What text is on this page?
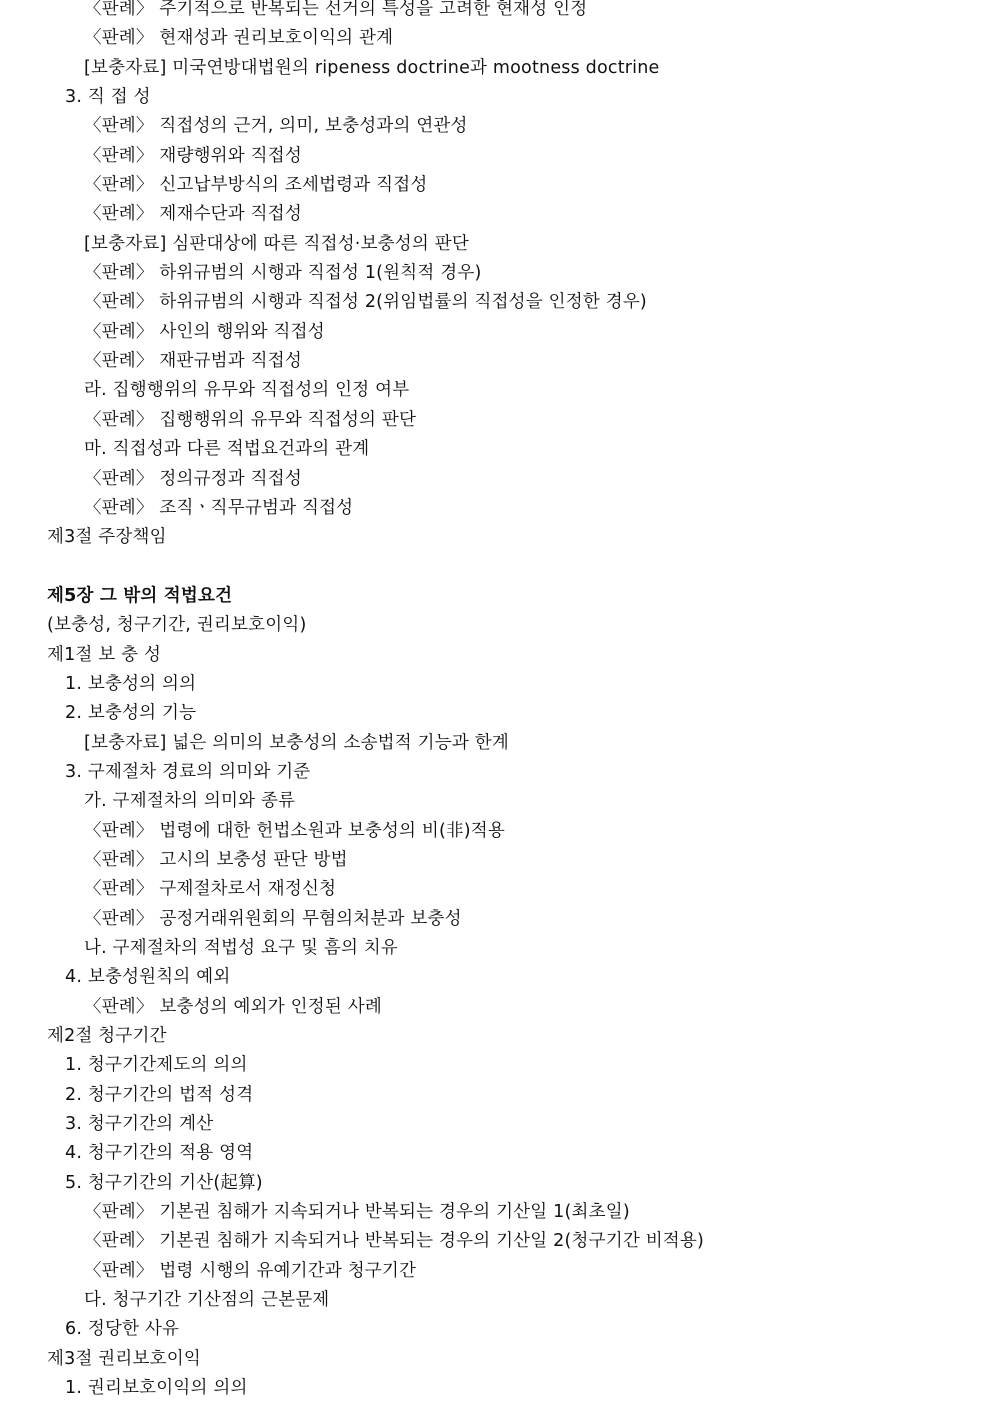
〈판례〉 주기적으로 반복되는 선거의 특성을 고려한 현재성 인정
〈판례〉 현재성과 권리보호이익의 관계
[보충자료] 미국연방대법원의 ripeness doctrine과 mootness doctrine
3. 직 접 성
〈판례〉 직접성의 근거, 의미, 보충성과의 연관성
〈판례〉 재량행위와 직접성
〈판례〉 신고납부방식의 조세법령과 직접성
〈판례〉 제재수단과 직접성
[보충자료] 심판대상에 따른 직접성·보충성의 판단
〈판례〉 하위규범의 시행과 직접성 1(원칙적 경우)
〈판례〉 하위규범의 시행과 직접성 2(위임법률의 직접성을 인정한 경우)
〈판례〉 사인의 행위와 직접성
〈판례〉 재판규범과 직접성
라. 집행행위의 유무와 직접성의 인정 여부
〈판례〉 집행행위의 유무와 직접성의 판단
마. 직접성과 다른 적법요건과의 관계
〈판례〉 정의규정과 직접성
〈판례〉 조직ㆍ직무규범과 직접성
제3절 주장책임
제5장 그 밖의 적법요건
(보충성, 청구기간, 권리보호이익)
제1절 보 충 성
1. 보충성의 의의
2. 보충성의 기능
[보충자료] 넓은 의미의 보충성의 소송법적 기능과 한계
3. 구제절차 경료의 의미와 기준
가. 구제절차의 의미와 종류
〈판례〉 법령에 대한 헌법소원과 보충성의 비(非)적용
〈판례〉 고시의 보충성 판단 방법
〈판례〉 구제절차로서 재정신청
〈판례〉 공정거래위원회의 무혐의처분과 보충성
나. 구제절차의 적법성 요구 및 흠의 치유
4. 보충성원칙의 예외
〈판례〉 보충성의 예외가 인정된 사례
제2절 청구기간
1. 청구기간제도의 의의
2. 청구기간의 법적 성격
3. 청구기간의 계산
4. 청구기간의 적용 영역
5. 청구기간의 기산(起算)
〈판례〉 기본권 침해가 지속되거나 반복되는 경우의 기산일 1(최초일)
〈판례〉 기본권 침해가 지속되거나 반복되는 경우의 기산일 2(청구기간 비적용)
〈판례〉 법령 시행의 유예기간과 청구기간
다. 청구기간 기산점의 근본문제
6. 정당한 사유
제3절 권리보호이익
1. 권리보호이익의 의의
